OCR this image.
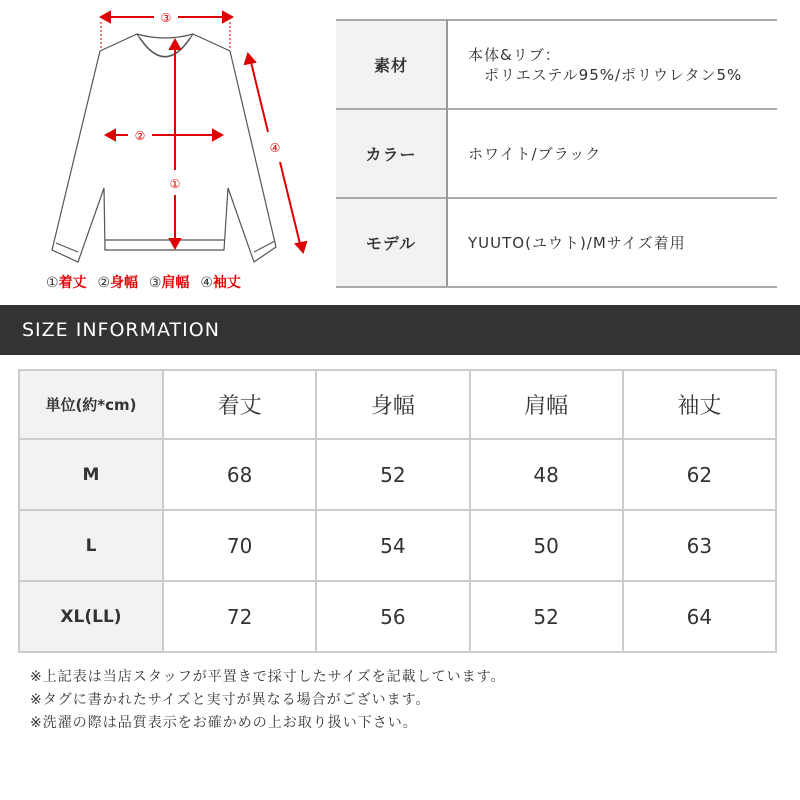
③
②
①
④
①着丈 ②身幅 ③肩幅 ④袖丈
素材	本体&リブ：
　ポリエステル95%/ポリウレタン5%

カラー	ホワイト/ブラック
モデル	YUUTO(ユウト)/Mサイズ着用
SIZE INFORMATION
単位(約*cm)	着丈	身幅	肩幅	袖丈
M	68	52	48	62
L	70	54	50	63
XL(LL)	72	56	52	64
※上記表は当店スタッフが平置きで採寸したサイズを記載しています。
※タグに書かれたサイズと実寸が異なる場合がございます。
※洗濯の際は品質表示をお確かめの上お取り扱い下さい。
